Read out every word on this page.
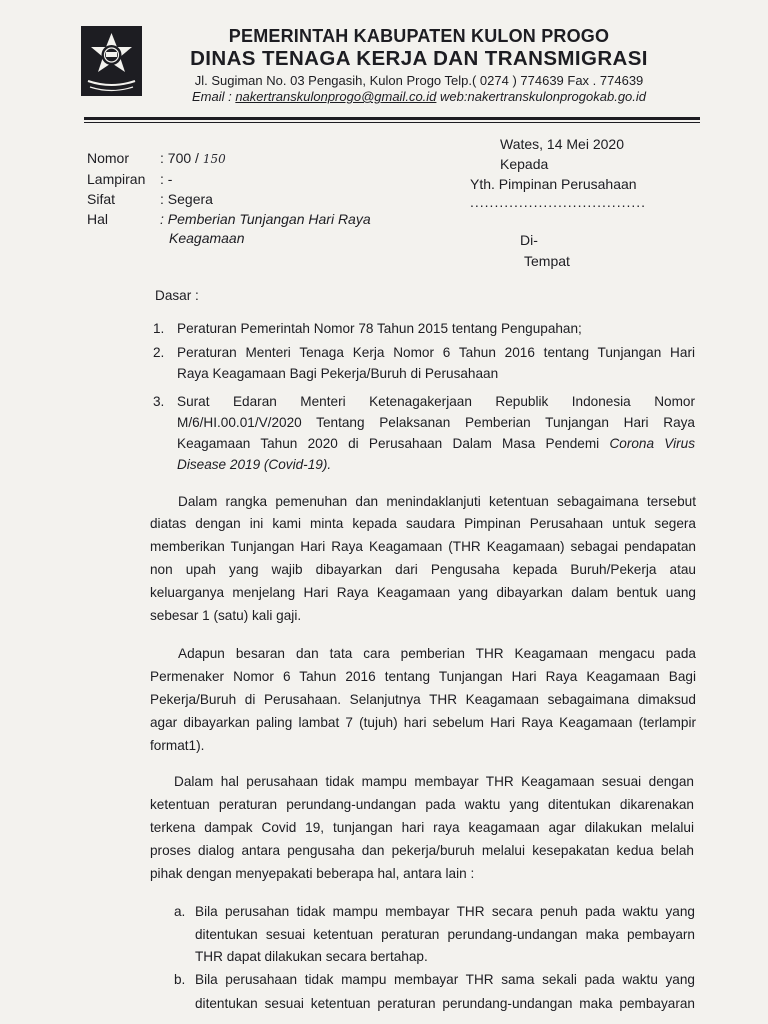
PEMERINTAH KABUPATEN KULON PROGO
DINAS TENAGA KERJA DAN TRANSMIGRASI
Jl. Sugiman No. 03 Pengasih, Kulon Progo Telp.( 0274 ) 774639 Fax . 774639
Email : nakertranskulonprogo@gmail.co.id web:nakertranskulonprogokab.go.id
Nomor : 700 / 150
Lampiran : -
Sifat	: Segera
Hal	: Pemberian Tunjangan Hari Raya
Keagamaan
Wates, 14 Mei 2020
Kepada
Yth. Pimpinan Perusahaan
....................................
Di-
Tempat
Dasar :
1. Peraturan Pemerintah Nomor 78 Tahun 2015 tentang Pengupahan;
2. Peraturan Menteri Tenaga Kerja Nomor 6 Tahun 2016 tentang Tunjangan Hari
Raya Keagamaan Bagi Pekerja/Buruh di Perusahaan
3. Surat Edaran Menteri Ketenagakerjaan Republik Indonesia Nomor
M/6/HI.00.01/V/2020 Tentang Pelaksanan Pemberian Tunjangan Hari Raya
Keagamaan Tahun 2020 di Perusahaan Dalam Masa Pendemi Corona Virus
Disease 2019 (Covid-19).
Dalam rangka pemenuhan dan menindaklanjuti ketentuan sebagaimana tersebut
diatas dengan ini kami minta kepada saudara Pimpinan Perusahaan untuk segera
memberikan Tunjangan Hari Raya Keagamaan (THR Keagamaan) sebagai pendapatan
non upah yang wajib dibayarkan dari Pengusaha kepada Buruh/Pekerja atau
keluarganya menjelang Hari Raya Keagamaan yang dibayarkan dalam bentuk uang
sebesar 1 (satu) kali gaji.
Adapun besaran dan tata cara pemberian THR Keagamaan mengacu pada
Permenaker Nomor 6 Tahun 2016 tentang Tunjangan Hari Raya Keagamaan Bagi
Pekerja/Buruh di Perusahaan. Selanjutnya THR Keagamaan sebagaimana dimaksud
agar dibayarkan paling lambat 7 (tujuh) hari sebelum Hari Raya Keagamaan (terlampir
format1).
Dalam hal perusahaan tidak mampu membayar THR Keagamaan sesuai dengan
ketentuan peraturan perundang-undangan pada waktu yang ditentukan dikarenakan
terkena dampak Covid 19, tunjangan hari raya keagamaan agar dilakukan melalui
proses dialog antara pengusaha dan pekerja/buruh melalui kesepakatan kedua belah
pihak dengan menyepakati beberapa hal, antara lain :
a. Bila perusahan tidak mampu membayar THR secara penuh pada waktu yang
ditentukan sesuai ketentuan peraturan perundang-undangan maka pembayarn
THR dapat dilakukan secara bertahap.
b. Bila perusahaan tidak mampu membayar THR sama sekali pada waktu yang
ditentukan sesuai ketentuan peraturan perundang-undangan maka pembayaran
